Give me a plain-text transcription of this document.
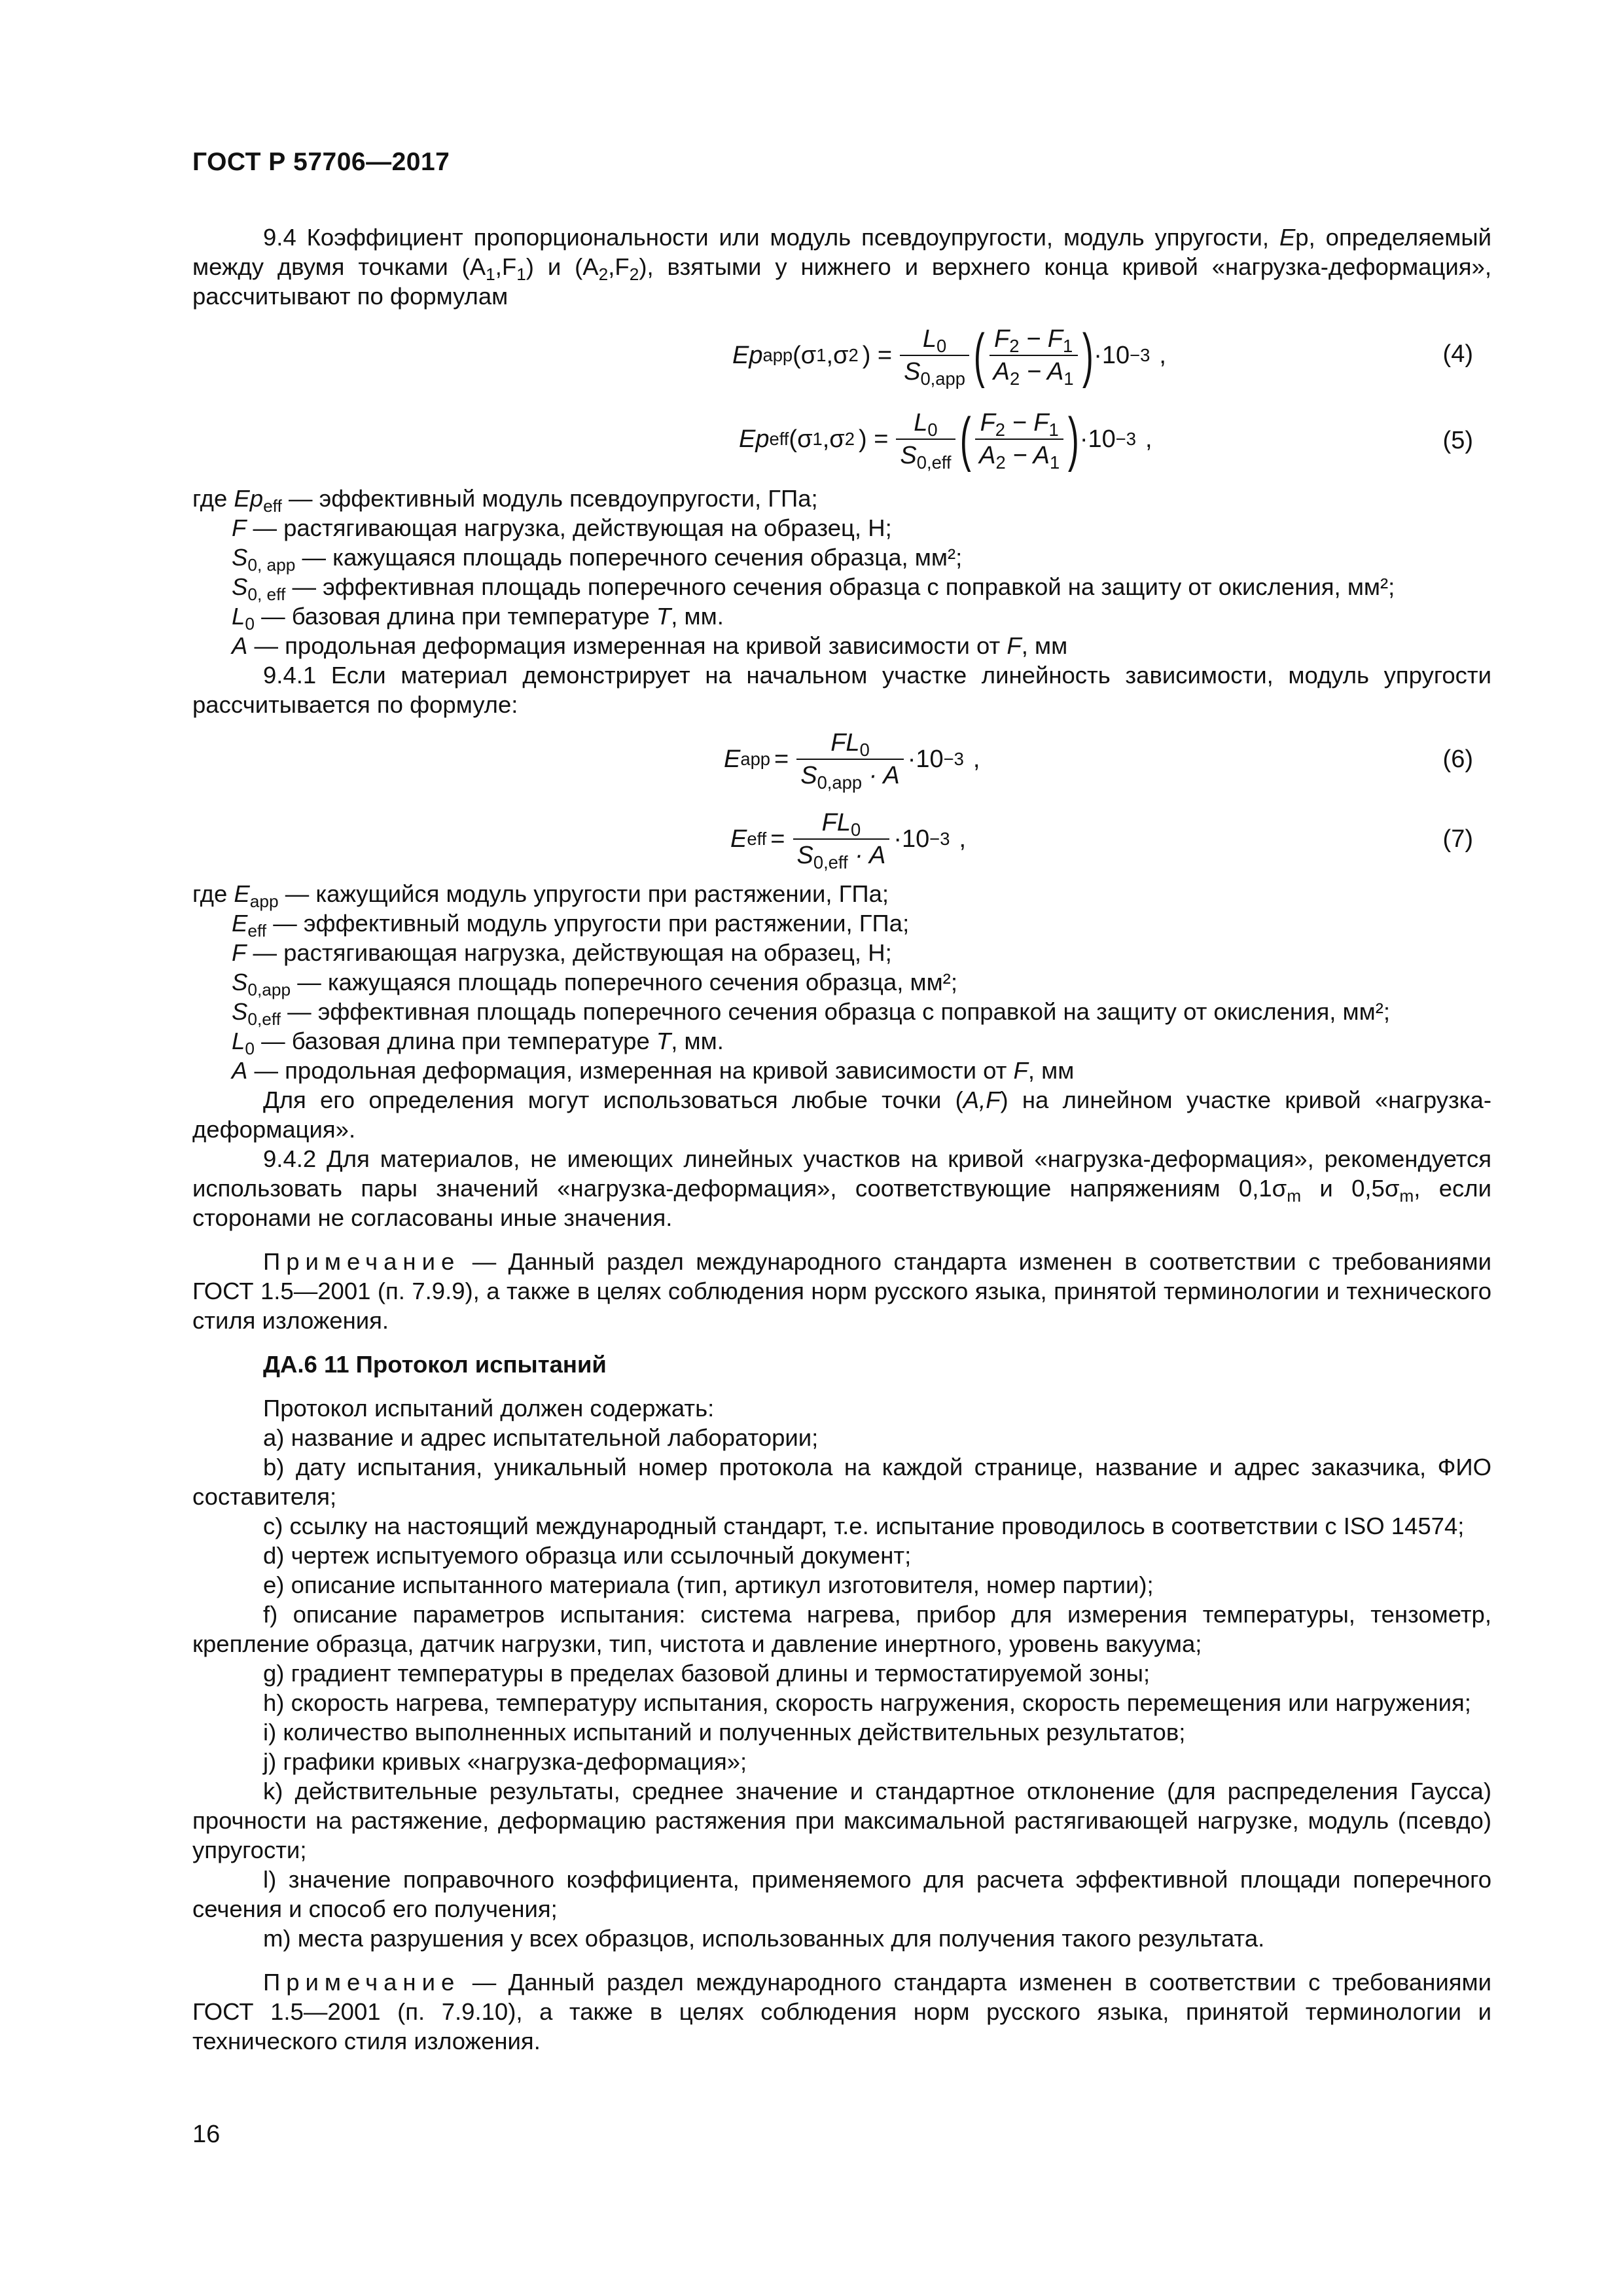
ГОСТ Р 57706—2017

9.4 Коэффициент пропорциональности или модуль псевдоупругости, модуль упругости, Ep, определяемый между двумя точками $(A_1,F_1)$ и $(A_2,F_2)$, взятыми у нижнего и верхнего конца кривой «нагрузка-деформация», рассчитывают по формулам

Ep app (σ 1 ,σ 2 ) = $\frac{L_0}{S_{0,app}}$ ( $\frac{F_2 - F_1}{A_2 - A_1}$ ) ·10 −3 ,	(4)
Ep eff (σ 1 ,σ 2 ) = $\frac{L_0}{S_{0,eff}}$ ( $\frac{F_2 - F_1}{A_2 - A_1}$ ) ·10 −3 ,	(5)

где $Ep_{eff}$ — эффективный модуль псевдоупругости, ГПа;

F — растягивающая нагрузка, действующая на образец, Н;

$S_{0, app}$ — кажущаяся площадь поперечного сечения образца, мм²;

$S_{0, eff}$ — эффективная площадь поперечного сечения образца с поправкой на защиту от окисления, мм²;

$L_0$ — базовая длина при температуре T, мм.

A — продольная деформация измеренная на кривой зависимости от F, мм

9.4.1 Если материал демонстрирует на начальном участке линейность зависимости, модуль упругости рассчитывается по формуле:

E app = $\frac{FL_0}{S_{0,app} \cdot A} \cdot 10 -3$ ,	(6)
E eff = $\frac{FL_0}{S_{0,eff} \cdot A} \cdot 10 -3$ ,	(7)

где $E_{app}$ — кажущийся модуль упругости при растяжении, ГПа;

$E_{eff}$ — эффективный модуль упругости при растяжении, ГПа;

F — растягивающая нагрузка, действующая на образец, Н;

$S_{0,app}$ — кажущаяся площадь поперечного сечения образца, мм²;

$S_{0,eff}$ — эффективная площадь поперечного сечения образца с поправкой на защиту от окисления, мм²;

$L_0$ — базовая длина при температуре T, мм.

A — продольная деформация, измеренная на кривой зависимости от F, мм

Для его определения могут использоваться любые точки (A,F) на линейном участке кривой «нагрузка-деформация».

9.4.2 Для материалов, не имеющих линейных участков на кривой «нагрузка-деформация», рекомендуется использовать пары значений «нагрузка-деформация», соответствующие напряжениям $0,1\sigma_m$ и $0,5\sigma_m$, если сторонами не согласованы иные значения.

Примечание — Данный раздел международного стандарта изменен в соответствии с требованиями ГОСТ 1.5—2001 (п. 7.9.9), а также в целях соблюдения норм русского языка, принятой терминологии и технического стиля изложения.

ДА.6 11 Протокол испытаний

Протокол испытаний должен содержать:

a) название и адрес испытательной лаборатории;

b) дату испытания, уникальный номер протокола на каждой странице, название и адрес заказчика, ФИО составителя;

c) ссылку на настоящий международный стандарт, т.е. испытание проводилось в соответствии с ISO 14574;

d) чертеж испытуемого образца или ссылочный документ;

e) описание испытанного материала (тип, артикул изготовителя, номер партии);

f) описание параметров испытания: система нагрева, прибор для измерения температуры, тензометр, крепление образца, датчик нагрузки, тип, чистота и давление инертного, уровень вакуума;

g) градиент температуры в пределах базовой длины и термостатируемой зоны;

h) скорость нагрева, температуру испытания, скорость нагружения, скорость перемещения или нагружения;

i) количество выполненных испытаний и полученных действительных результатов;

j) графики кривых «нагрузка-деформация»;

k) действительные результаты, среднее значение и стандартное отклонение (для распределения Гаусса) прочности на растяжение, деформацию растяжения при максимальной растягивающей нагрузке, модуль (псевдо) упругости;

l) значение поправочного коэффициента, применяемого для расчета эффективной площади поперечного сечения и способ его получения;

m) места разрушения у всех образцов, использованных для получения такого результата.

Примечание — Данный раздел международного стандарта изменен в соответствии с требованиями ГОСТ 1.5—2001 (п. 7.9.10), а также в целях соблюдения норм русского языка, принятой терминологии и технического стиля изложения.

16
